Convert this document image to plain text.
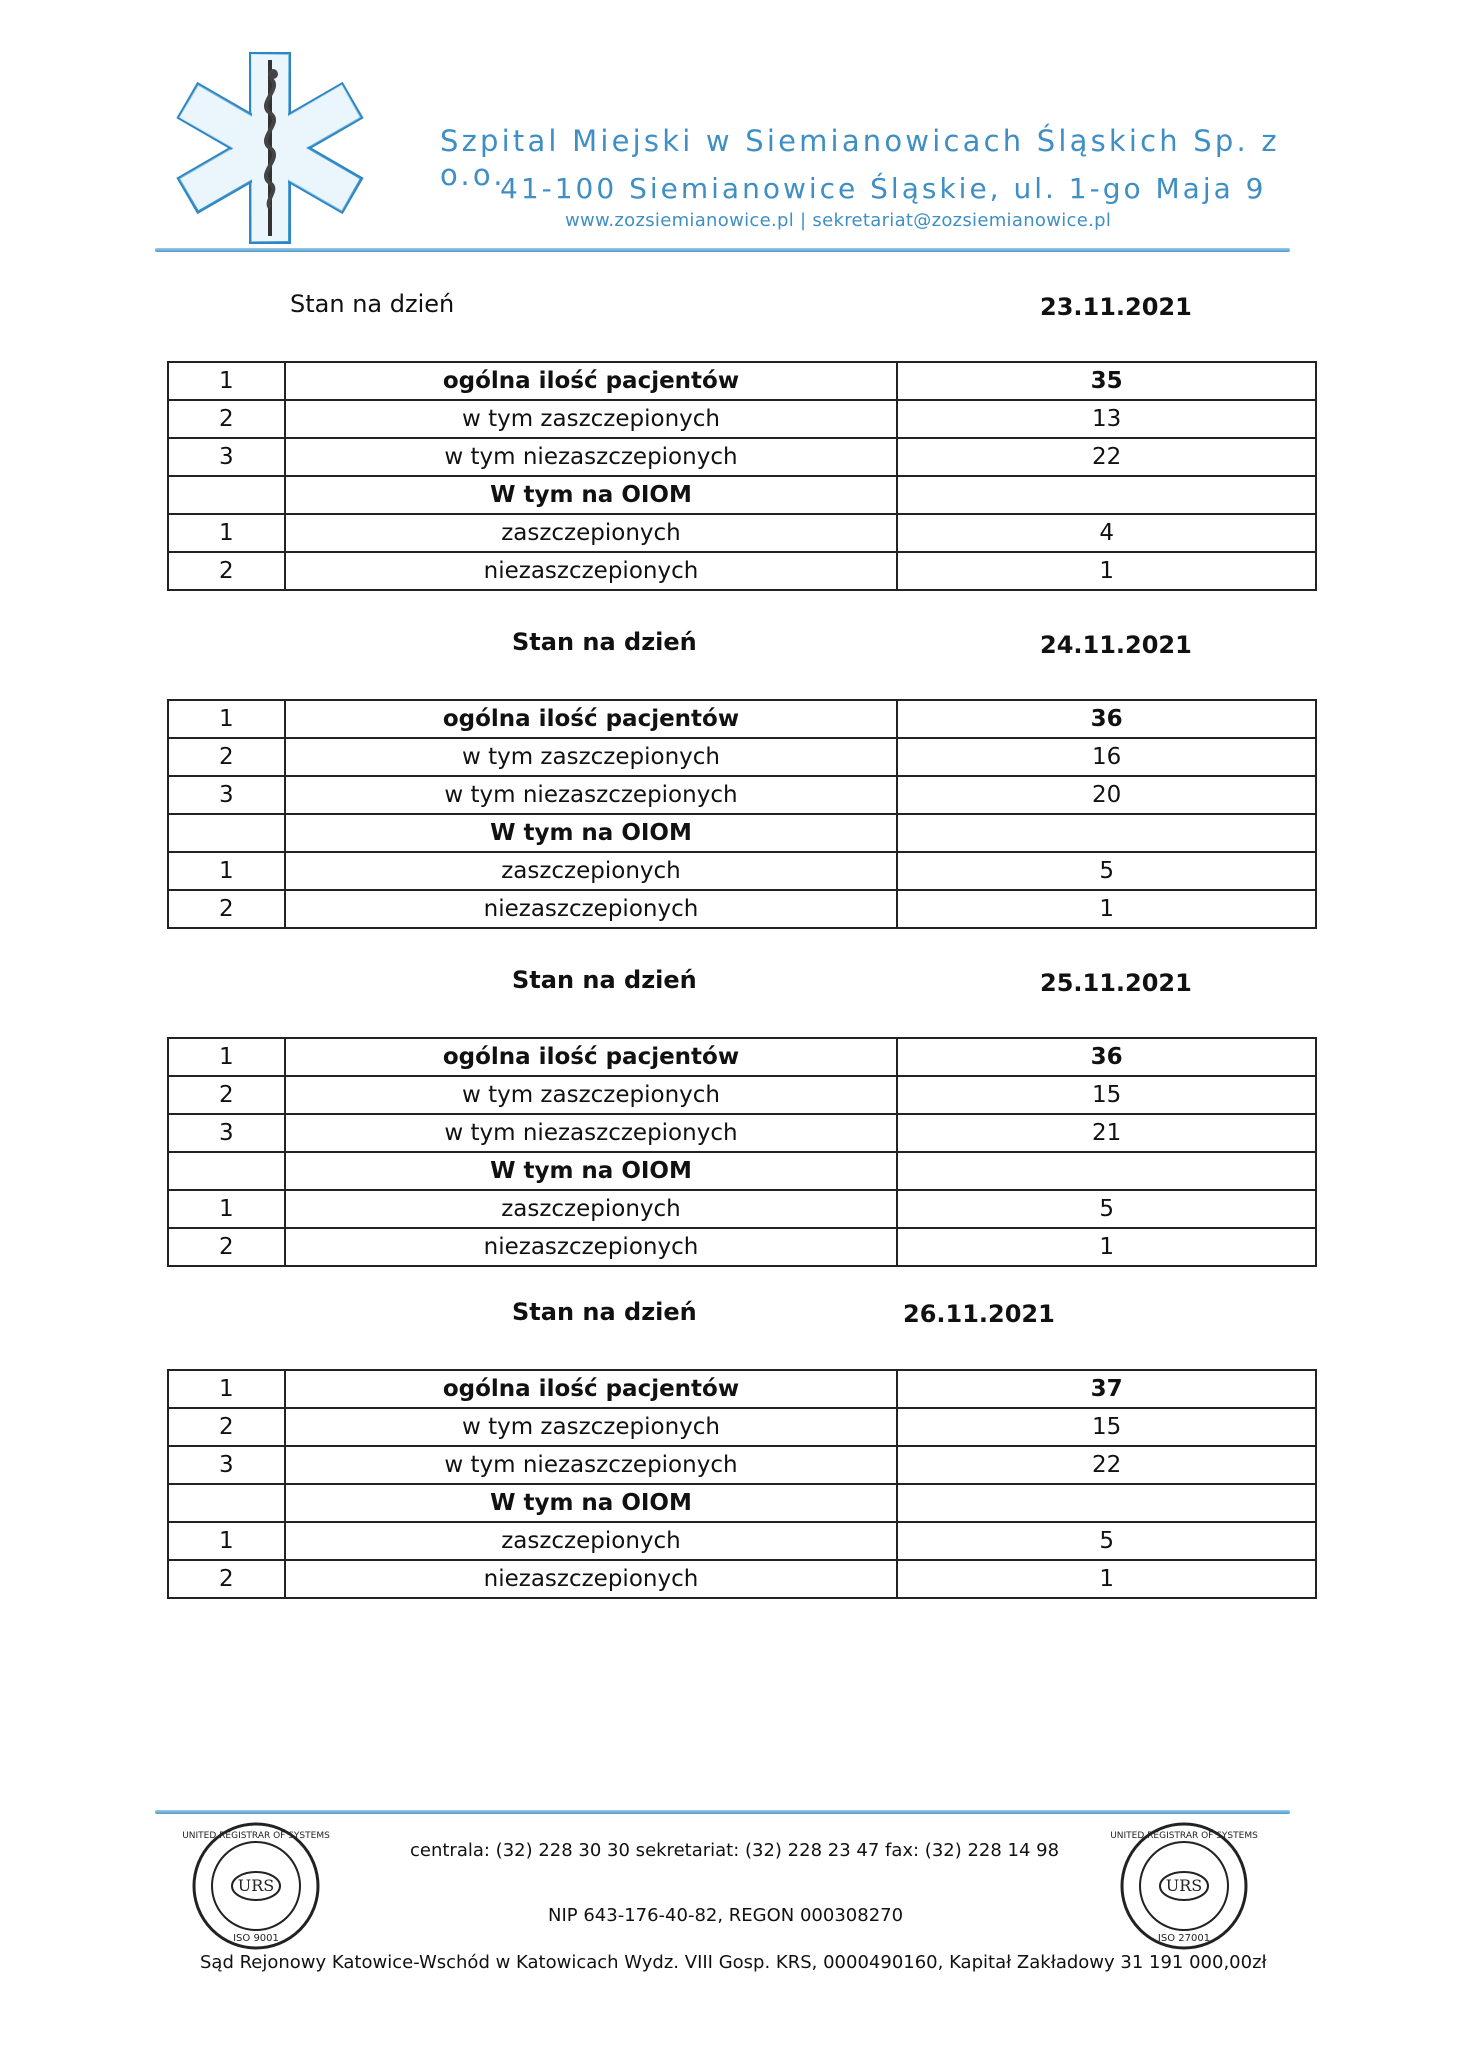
Szpital Miejski w Siemianowicach Śląskich Sp. z o.o.
41-100 Siemianowice Śląskie, ul. 1-go Maja 9
www.zozsiemianowice.pl | sekretariat@zozsiemianowice.pl
Stan na dzień	23.11.2021
1	ogólna ilość pacjentów	35
2	w tym zaszczepionych	13
3	w tym niezaszczepionych	22
	W tym na OIOM	
1	zaszczepionych	4
2	niezaszczepionych	1
Stan na dzień	24.11.2021
1	ogólna ilość pacjentów	36
2	w tym zaszczepionych	16
3	w tym niezaszczepionych	20
	W tym na OIOM	
1	zaszczepionych	5
2	niezaszczepionych	1
Stan na dzień	25.11.2021
1	ogólna ilość pacjentów	36
2	w tym zaszczepionych	15
3	w tym niezaszczepionych	21
	W tym na OIOM	
1	zaszczepionych	5
2	niezaszczepionych	1
Stan na dzień	26.11.2021
1	ogólna ilość pacjentów	37
2	w tym zaszczepionych	15
3	w tym niezaszczepionych	22
	W tym na OIOM	
1	zaszczepionych	5
2	niezaszczepionych	1
URS
UNITED REGISTRAR OF SYSTEMS
ISO 9001
URS
UNITED REGISTRAR OF SYSTEMS
ISO 27001
centrala: (32) 228 30 30 sekretariat: (32) 228 23 47 fax: (32) 228 14 98
NIP 643-176-40-82, REGON 000308270
Sąd Rejonowy Katowice-Wschód w Katowicach Wydz. VIII Gosp. KRS, 0000490160, Kapitał Zakładowy 31 191 000,00zł
